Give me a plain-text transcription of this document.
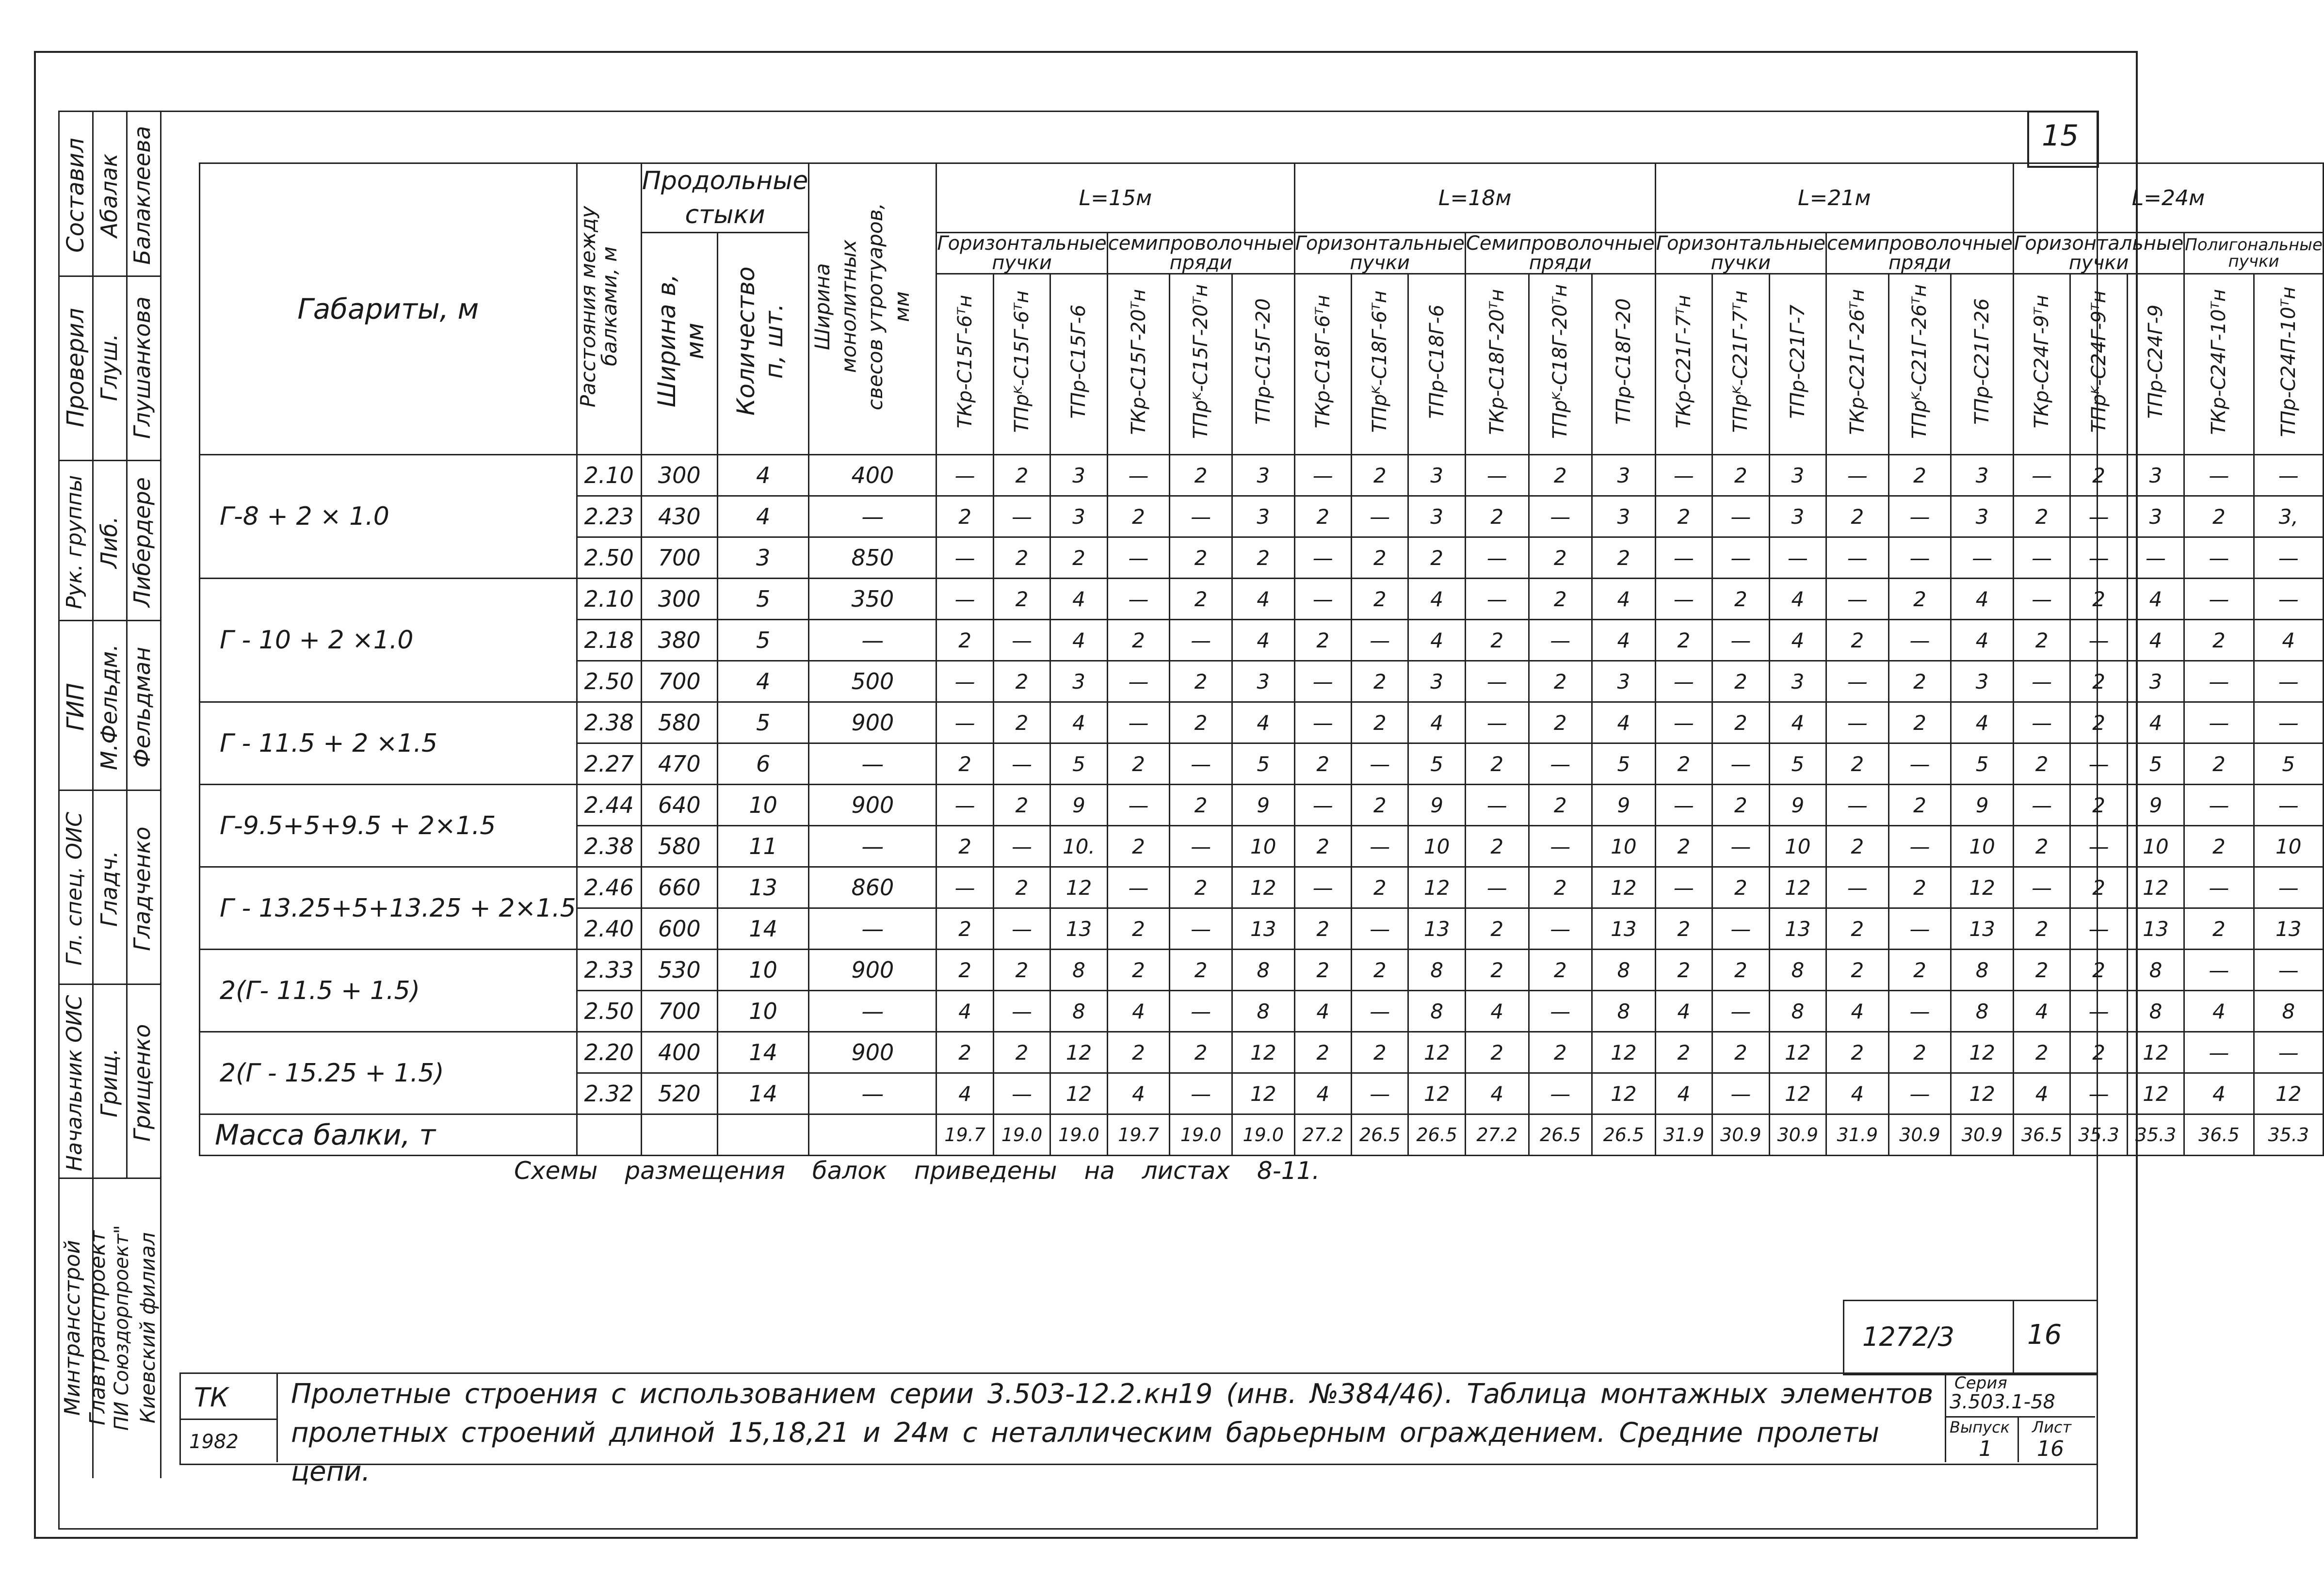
15
Составил
Проверил
Рук. группы
ГИП
Гл. спец. ОИС
Начальник ОИС
Абалак
Глуш.
Либ.
М.Фельдм.
Гладч.
Грищ.
Балаклеева
Глушанкова
Либердере
Фельдман
Гладченко
Грищенко
Минтрансстрой Главтранспроект ПИ Союздорпроект" Киевский филиал
Габариты, м	Расстояния между балками, м	Продольные стыки		Ширина монолитных свесов утротуаров, мм	L=15м						L=18м						L=21м						L=24м				
		Ширина в, мм	Количество п, шт.		Горизонтальные пучки			семипроволочные пряди			Горизонтальные пучки			Семипроволочные пряди			Горизонтальные пучки			семипроволочные пряди			Горизонтальные пучки			Полигональные пучки	
					ТКр-С15Г-6ᵀн	ТПрᴷ-С15Г-6ᵀн	ТПр-С15Г-6	ТКр-С15Г-20ᵀн	ТПрᴷ-С15Г-20ᵀн	ТПр-С15Г-20	ТКр-С18Г-6ᵀн	ТПрᴷ-С18Г-6ᵀн	ТПр-С18Г-6	ТКр-С18Г-20ᵀн	ТПрᴷ-С18Г-20ᵀн	ТПр-С18Г-20	ТКр-С21Г-7ᵀн	ТПрᴷ-С21Г-7ᵀн	ТПр-С21Г-7	ТКр-С21Г-26ᵀн	ТПрᴷ-С21Г-26ᵀн	ТПр-С21Г-26	ТКр-С24Г-9ᵀн	ТПрᴷ-С24Г-9ᵀн	ТПр-С24Г-9	ТКр-С24Г-10ᵀн	ТПр-С24П-10ᵀн
Г-8 + 2 × 1.0	2.10	300	4	400	—	2	3	—	2	3	—	2	3	—	2	3	—	2	3	—	2	3	—	2	3	—	—
	2.23	430	4	—	2	—	3	2	—	3	2	—	3	2	—	3	2	—	3	2	—	3	2	—	3	2	3,
	2.50	700	3	850	—	2	2	—	2	2	—	2	2	—	2	2	—	—	—	—	—	—	—	—	—	—	—
Г - 10 + 2 ×1.0	2.10	300	5	350	—	2	4	—	2	4	—	2	4	—	2	4	—	2	4	—	2	4	—	2	4	—	—
	2.18	380	5	—	2	—	4	2	—	4	2	—	4	2	—	4	2	—	4	2	—	4	2	—	4	2	4
	2.50	700	4	500	—	2	3	—	2	3	—	2	3	—	2	3	—	2	3	—	2	3	—	2	3	—	—
Г - 11.5 + 2 ×1.5	2.38	580	5	900	—	2	4	—	2	4	—	2	4	—	2	4	—	2	4	—	2	4	—	2	4	—	—
	2.27	470	6	—	2	—	5	2	—	5	2	—	5	2	—	5	2	—	5	2	—	5	2	—	5	2	5
Г-9.5+5+9.5 + 2×1.5	2.44	640	10	900	—	2	9	—	2	9	—	2	9	—	2	9	—	2	9	—	2	9	—	2	9	—	—
	2.38	580	11	—	2	—	10.	2	—	10	2	—	10	2	—	10	2	—	10	2	—	10	2	—	10	2	10
Г - 13.25+5+13.25 + 2×1.5	2.46	660	13	860	—	2	12	—	2	12	—	2	12	—	2	12	—	2	12	—	2	12	—	2	12	—	—
	2.40	600	14	—	2	—	13	2	—	13	2	—	13	2	—	13	2	—	13	2	—	13	2	—	13	2	13
2(Г- 11.5 + 1.5)	2.33	530	10	900	2	2	8	2	2	8	2	2	8	2	2	8	2	2	8	2	2	8	2	2	8	—	—
	2.50	700	10	—	4	—	8	4	—	8	4	—	8	4	—	8	4	—	8	4	—	8	4	—	8	4	8
2(Г - 15.25 + 1.5)	2.20	400	14	900	2	2	12	2	2	12	2	2	12	2	2	12	2	2	12	2	2	12	2	2	12	—	—
	2.32	520	14	—	4	—	12	4	—	12	4	—	12	4	—	12	4	—	12	4	—	12	4	—	12	4	12
Масса балки, т					19.7	19.0	19.0	19.7	19.0	19.0	27.2	26.5	26.5	27.2	26.5	26.5	31.9	30.9	30.9	31.9	30.9	30.9	36.5	35.3	35.3	36.5	35.3
Схемы размещения балок приведены на листах 8-11.
1272/3	16
ТК
1982
Пролетные строения с использованием серии 3.503-12.2.кн19 (инв. №384/46). Таблица монтажных элементов пролетных строений длиной 15,18,21 и 24м с неталлическим барьерным ограждением. Средние пролеты цепи.
Серия
3.503.1-58
Выпуск
1
Лист
16
